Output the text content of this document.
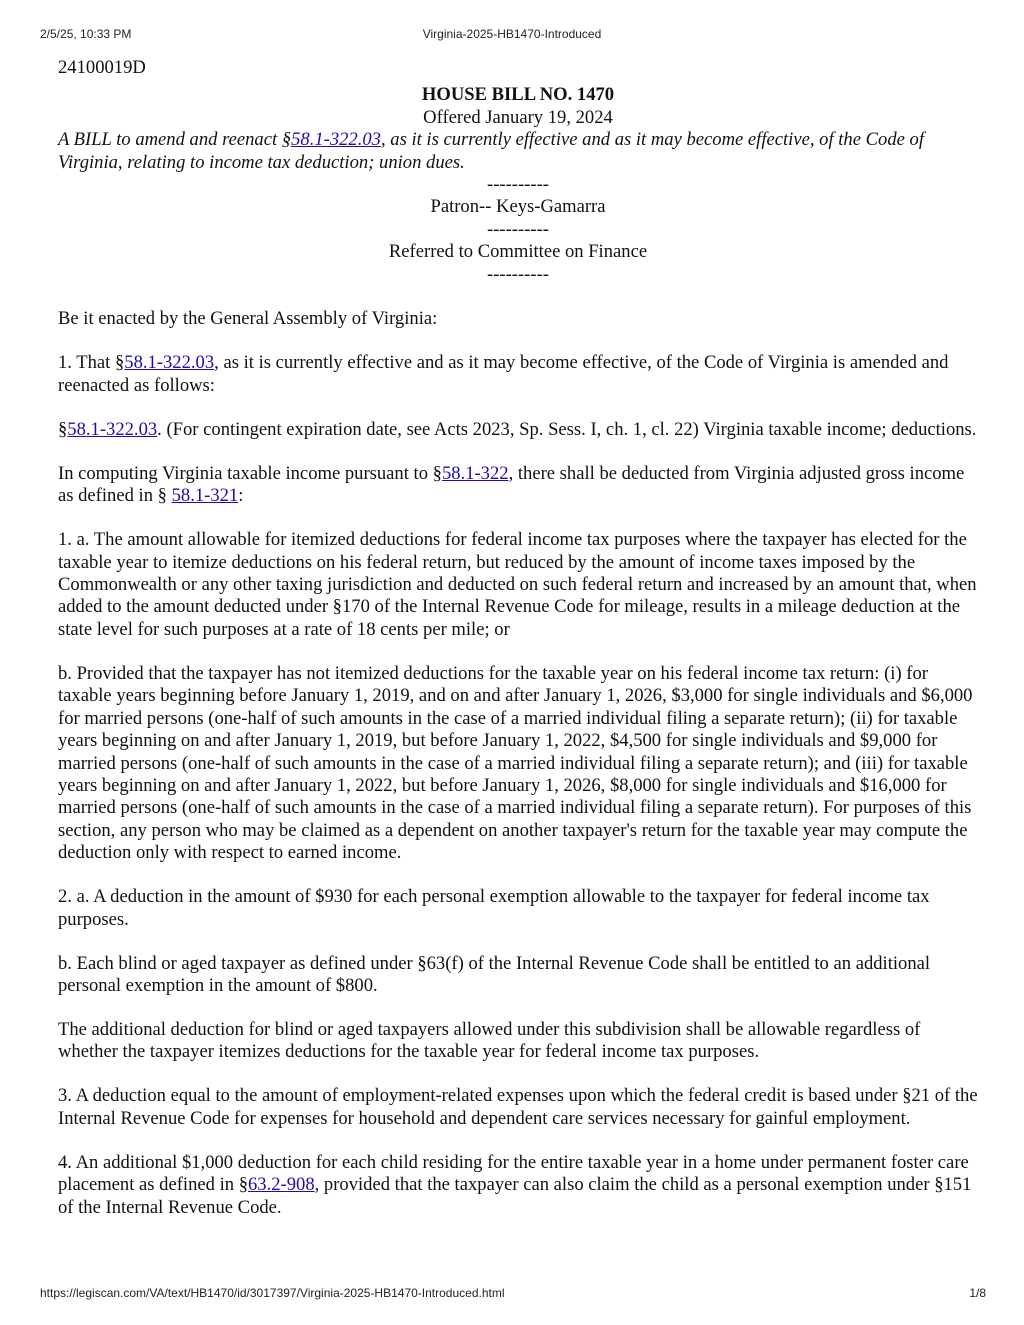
2/5/25, 10:33 PM	Virginia-2025-HB1470-Introduced
24100019D
HOUSE BILL NO. 1470
Offered January 19, 2024
A BILL to amend and reenact §58.1-322.03, as it is currently effective and as it may become effective, of the Code of Virginia, relating to income tax deduction; union dues.
----------
Patron-- Keys-Gamarra
----------
Referred to Committee on Finance
----------

Be it enacted by the General Assembly of Virginia:

1. That §58.1-322.03, as it is currently effective and as it may become effective, of the Code of Virginia is amended and reenacted as follows:

§58.1-322.03. (For contingent expiration date, see Acts 2023, Sp. Sess. I, ch. 1, cl. 22) Virginia taxable income; deductions.

In computing Virginia taxable income pursuant to §58.1-322, there shall be deducted from Virginia adjusted gross income as defined in § 58.1-321:

1. a. The amount allowable for itemized deductions for federal income tax purposes where the taxpayer has elected for the taxable year to itemize deductions on his federal return, but reduced by the amount of income taxes imposed by the Commonwealth or any other taxing jurisdiction and deducted on such federal return and increased by an amount that, when added to the amount deducted under §170 of the Internal Revenue Code for mileage, results in a mileage deduction at the state level for such purposes at a rate of 18 cents per mile; or

b. Provided that the taxpayer has not itemized deductions for the taxable year on his federal income tax return: (i) for taxable years beginning before January 1, 2019, and on and after January 1, 2026, $3,000 for single individuals and $6,000 for married persons (one-half of such amounts in the case of a married individual filing a separate return); (ii) for taxable years beginning on and after January 1, 2019, but before January 1, 2022, $4,500 for single individuals and $9,000 for married persons (one-half of such amounts in the case of a married individual filing a separate return); and (iii) for taxable years beginning on and after January 1, 2022, but before January 1, 2026, $8,000 for single individuals and $16,000 for married persons (one-half of such amounts in the case of a married individual filing a separate return). For purposes of this section, any person who may be claimed as a dependent on another taxpayer's return for the taxable year may compute the deduction only with respect to earned income.

2. a. A deduction in the amount of $930 for each personal exemption allowable to the taxpayer for federal income tax purposes.

b. Each blind or aged taxpayer as defined under §63(f) of the Internal Revenue Code shall be entitled to an additional personal exemption in the amount of $800.

The additional deduction for blind or aged taxpayers allowed under this subdivision shall be allowable regardless of whether the taxpayer itemizes deductions for the taxable year for federal income tax purposes.

3. A deduction equal to the amount of employment-related expenses upon which the federal credit is based under §21 of the Internal Revenue Code for expenses for household and dependent care services necessary for gainful employment.

4. An additional $1,000 deduction for each child residing for the entire taxable year in a home under permanent foster care placement as defined in §63.2-908, provided that the taxpayer can also claim the child as a personal exemption under §151 of the Internal Revenue Code.

https://legiscan.com/VA/text/HB1470/id/3017397/Virginia-2025-HB1470-Introduced.html	1/8
